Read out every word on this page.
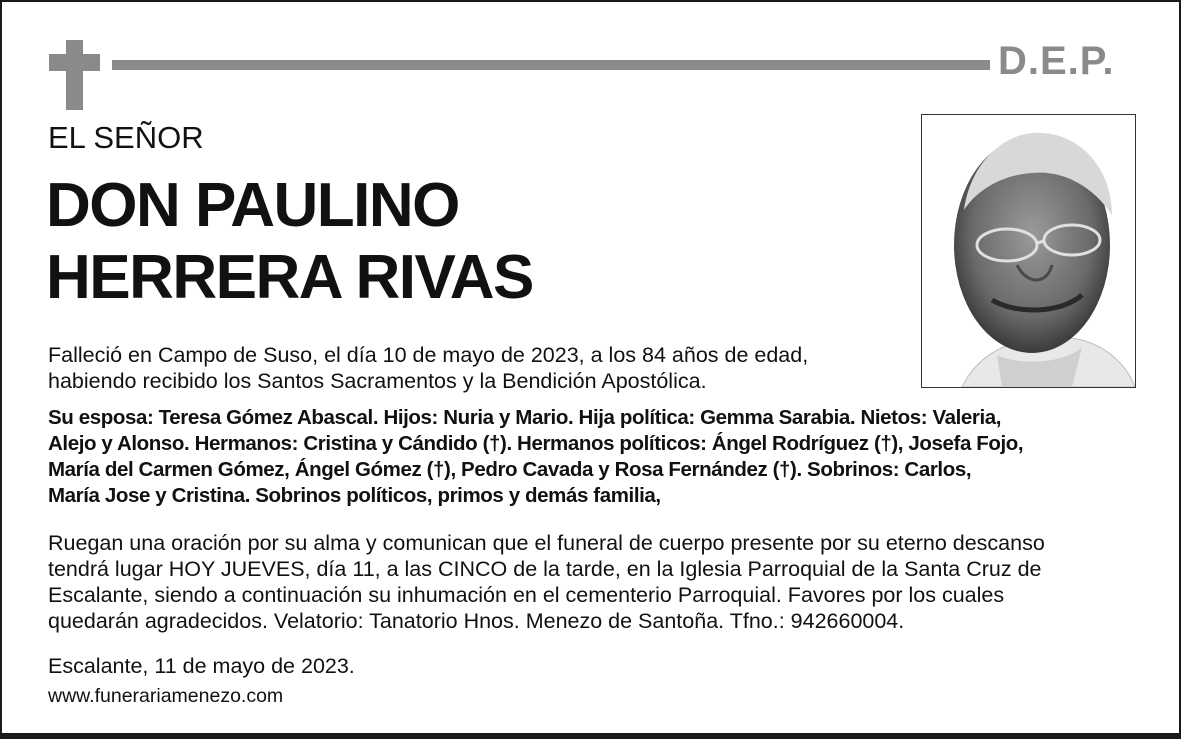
D.E.P.
EL SEÑOR
DON PAULINO
HERRERA RIVAS
Falleció en Campo de Suso, el día 10 de mayo de 2023, a los 84 años de edad,
habiendo recibido los Santos Sacramentos y la Bendición Apostólica.
Su esposa: Teresa Gómez Abascal. Hijos: Nuria y Mario. Hija política: Gemma Sarabia. Nietos: Valeria,
Alejo y Alonso. Hermanos: Cristina y Cándido (†). Hermanos políticos: Ángel Rodríguez (†), Josefa Fojo,
María del Carmen Gómez, Ángel Gómez (†), Pedro Cavada y Rosa Fernández (†). Sobrinos: Carlos,
María Jose y Cristina. Sobrinos políticos, primos y demás familia,
Ruegan una oración por su alma y comunican que el funeral de cuerpo presente por su eterno descanso
tendrá lugar HOY JUEVES, día 11, a las CINCO de la tarde, en la Iglesia Parroquial de la Santa Cruz de
Escalante, siendo a continuación su inhumación en el cementerio Parroquial. Favores por los cuales
quedarán agradecidos. Velatorio: Tanatorio Hnos. Menezo de Santoña. Tfno.: 942660004.
Escalante, 11 de mayo de 2023.
www.funerariamenezo.com
